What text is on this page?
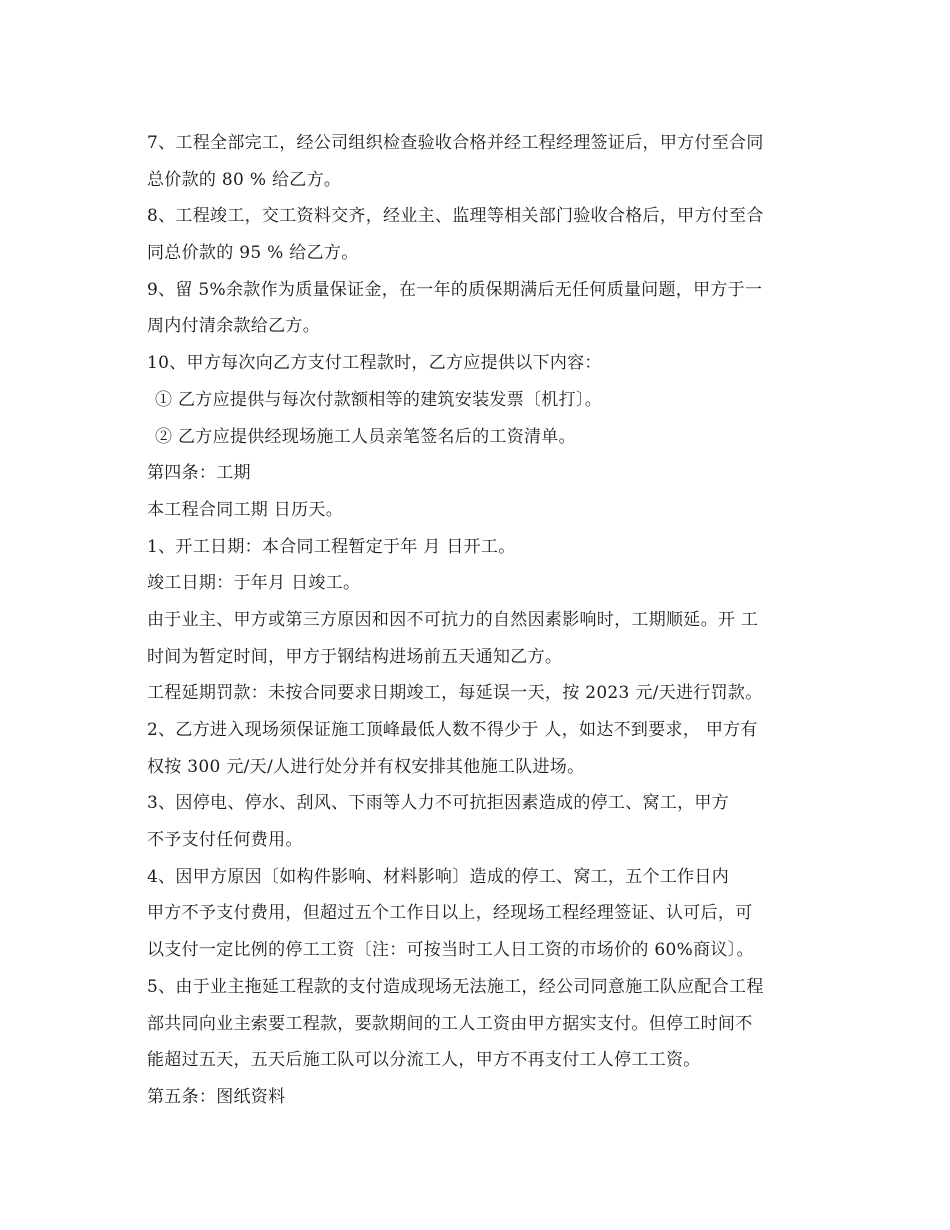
7、工程全部完工，经公司组织检查验收合格并经工程经理签证后，甲方付至合同
总价款的 80 % 给乙方。
8、工程竣工，交工资料交齐，经业主、监理等相关部门验收合格后，甲方付至合
同总价款的 95 % 给乙方。
9、留 5%余款作为质量保证金，在一年的质保期满后无任何质量问题，甲方于一
周内付清余款给乙方。
10、甲方每次向乙方支付工程款时，乙方应提供以下内容：
① 乙方应提供与每次付款额相等的建筑安装发票〔机打〕。
② 乙方应提供经现场施工人员亲笔签名后的工资清单。
第四条：工期
本工程合同工期 日历天。
1、开工日期：本合同工程暂定于年 月 日开工。
竣工日期：于年月 日竣工。
由于业主、甲方或第三方原因和因不可抗力的自然因素影响时，工期顺延。开 工
时间为暂定时间，甲方于钢结构进场前五天通知乙方。
工程延期罚款：未按合同要求日期竣工，每延误一天，按 2023 元/天进行罚款。
2、乙方进入现场须保证施工顶峰最低人数不得少于 人，如达不到要求， 甲方有
权按 300 元/天/人进行处分并有权安排其他施工队进场。
3、因停电、停水、刮风、下雨等人力不可抗拒因素造成的停工、窝工，甲方
不予支付任何费用。
4、因甲方原因〔如构件影响、材料影响〕造成的停工、窝工，五个工作日内
甲方不予支付费用，但超过五个工作日以上，经现场工程经理签证、认可后，可
以支付一定比例的停工工资〔注：可按当时工人日工资的市场价的 60%商议〕。
5、由于业主拖延工程款的支付造成现场无法施工，经公司同意施工队应配合工程
部共同向业主索要工程款，要款期间的工人工资由甲方据实支付。但停工时间不
能超过五天，五天后施工队可以分流工人，甲方不再支付工人停工工资。
第五条：图纸资料
